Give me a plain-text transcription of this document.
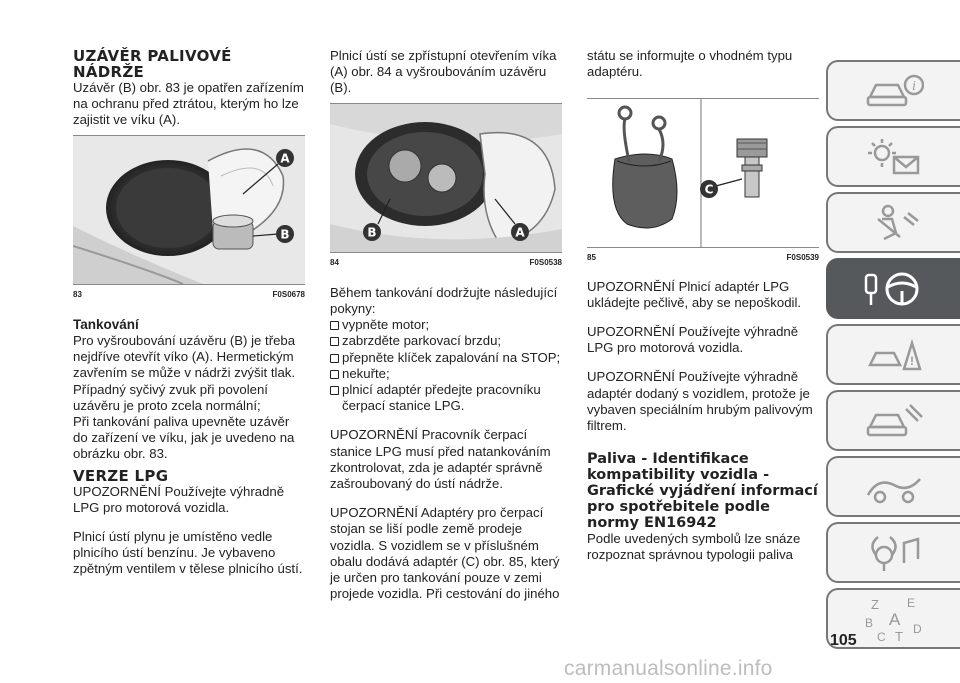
UZÁVĚR PALIVOVÉ NÁDRŽE

Uzávěr (B) obr. 83 je opatřen zařízením na ochranu před ztrátou, kterým ho lze zajistit ve víku (A).

A
B
83	F0S0678
Tankování

Pro vyšroubování uzávěru (B) je třeba nejdříve otevřít víko (A). Hermetickým zavřením se může v nádrži zvýšit tlak. Případný syčivý zvuk při povolení uzávěru je proto zcela normální;

Při tankování paliva upevněte uzávěr do zařízení ve víku, jak je uvedeno na obrázku obr. 83.

VERZE LPG

UPOZORNĚNÍ Používejte výhradně LPG pro motorová vozidla.

Plnicí ústí plynu je umístěno vedle plnicího ústí benzínu. Je vybaveno zpětným ventilem v tělese plnicího ústí.

Plnicí ústí se zpřístupní otevřením víka (A) obr. 84 a vyšroubováním uzávěru (B).

B	A
84	F0S0538

Během tankování dodržujte následující pokyny:

vypněte motor;
zabrzděte parkovací brzdu;
přepněte klíček zapalování na STOP;
nekuřte;
plnicí adaptér předejte pracovníku čerpací stanice LPG.

UPOZORNĚNÍ Pracovník čerpací stanice LPG musí před natankováním zkontrolovat, zda je adaptér správně zašroubovaný do ústí nádrže.

UPOZORNĚNÍ Adaptéry pro čerpací stojan se liší podle země prodeje vozidla. S vozidlem se v příslušném obalu dodává adaptér (C) obr. 85, který je určen pro tankování pouze v zemi projede vozidla. Při cestování do jiného

státu se informujte o vhodném typu adaptéru.

C
85	F0S0539

UPOZORNĚNÍ Plnicí adaptér LPG ukládejte pečlivě, aby se nepoškodil.

UPOZORNĚNÍ Používejte výhradně LPG pro motorová vozidla.

UPOZORNĚNÍ Používejte výhradně adaptér dodaný s vozidlem, protože je vybaven speciálním hrubým palivovým filtrem.

Paliva - Identifikace kompatibility vozidla - Grafické vyjádření informací pro spotřebitele podle normy EN16942

Podle uvedených symbolů lze snáze rozpoznat správnou typologii paliva

i
!
Z E
B A
C T D
105
carmanualsonline.info
